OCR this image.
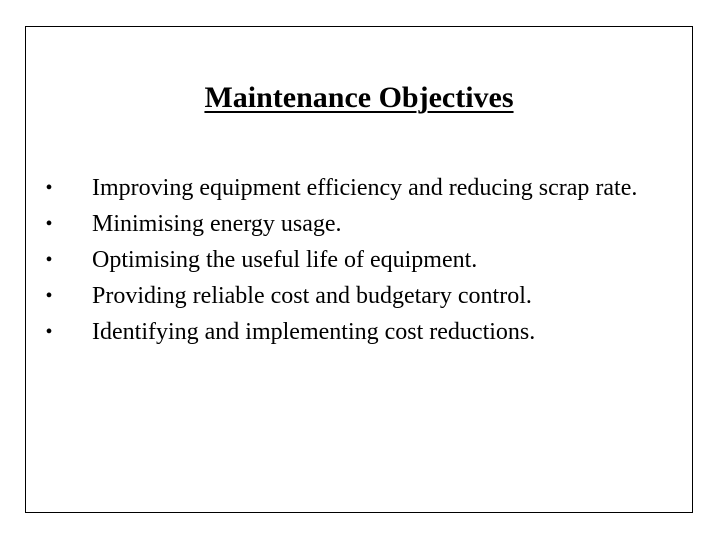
Maintenance Objectives
•	Improving equipment efficiency and reducing scrap rate.
•	Minimising energy usage.
•	Optimising the useful life of equipment.
•	Providing reliable cost and budgetary control.
•	Identifying and implementing cost reductions.
